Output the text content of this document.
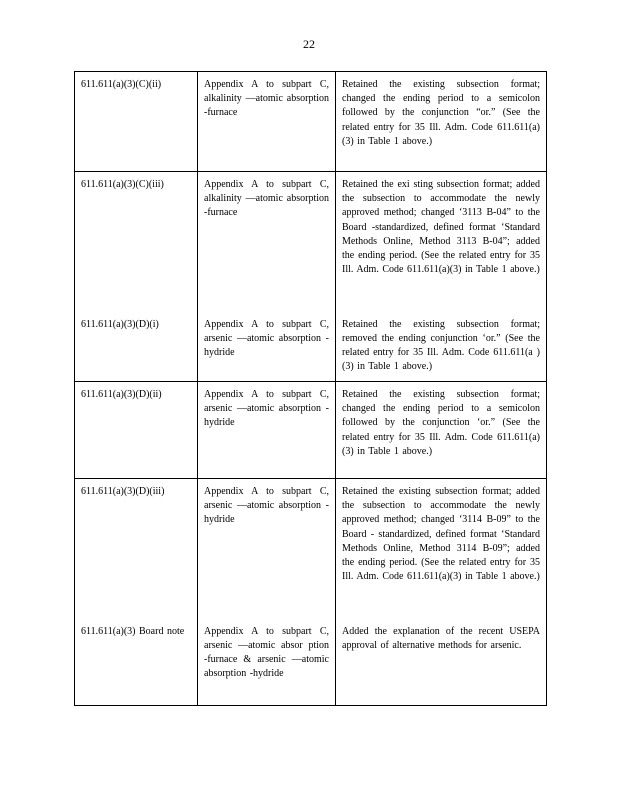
22
611.611(a)(3)(C)(ii)	Appendix A to subpart C, alkalinity —atomic absorption -furnace	Retained the existing subsection format; changed the ending period to a semicolon followed by the conjunction “or.” (See the related entry for 35 Ill. Adm. Code 611.611(a)(3) in Table 1 above.)
611.611(a)(3)(C)(iii)	Appendix A to subpart C, alkalinity —atomic absorption -furnace	Retained the exi sting subsection format; added the subsection to accommodate the newly approved method; changed ‘3113 B-04” to the Board -standardized, defined format ‘Standard Methods Online, Method 3113 B-04”; added the ending period. (See the related entry for 35 Ill. Adm. Code 611.611(a)(3) in Table 1 above.)
611.611(a)(3)(D)(i)	Appendix A to subpart C, arsenic —atomic absorption -hydride	Retained the existing subsection format; removed the ending conjunction ‘or.” (See the related entry for 35 Ill. Adm. Code 611.611(a )(3) in Table 1 above.)
611.611(a)(3)(D)(ii)	Appendix A to subpart C, arsenic —atomic absorption -hydride	Retained the existing subsection format; changed the ending period to a semicolon followed by the conjunction ‘or.” (See the related entry for 35 Ill. Adm. Code 611.611(a)(3) in Table 1 above.)
611.611(a)(3)(D)(iii)	Appendix A to subpart C, arsenic —atomic absorption -hydride	Retained the existing subsection format; added the subsection to accommodate the newly approved method; changed ‘3114 B-09” to the Board - standardized, defined format ‘Standard Methods Online, Method 3114 B-09”; added the ending period. (See the related entry for 35 Ill. Adm. Code 611.611(a)(3) in Table 1 above.)
611.611(a)(3) Board note	Appendix A to subpart C, arsenic —atomic absor ption -furnace & arsenic —atomic absorption -hydride	Added the explanation of the recent USEPA approval of alternative methods for arsenic.
